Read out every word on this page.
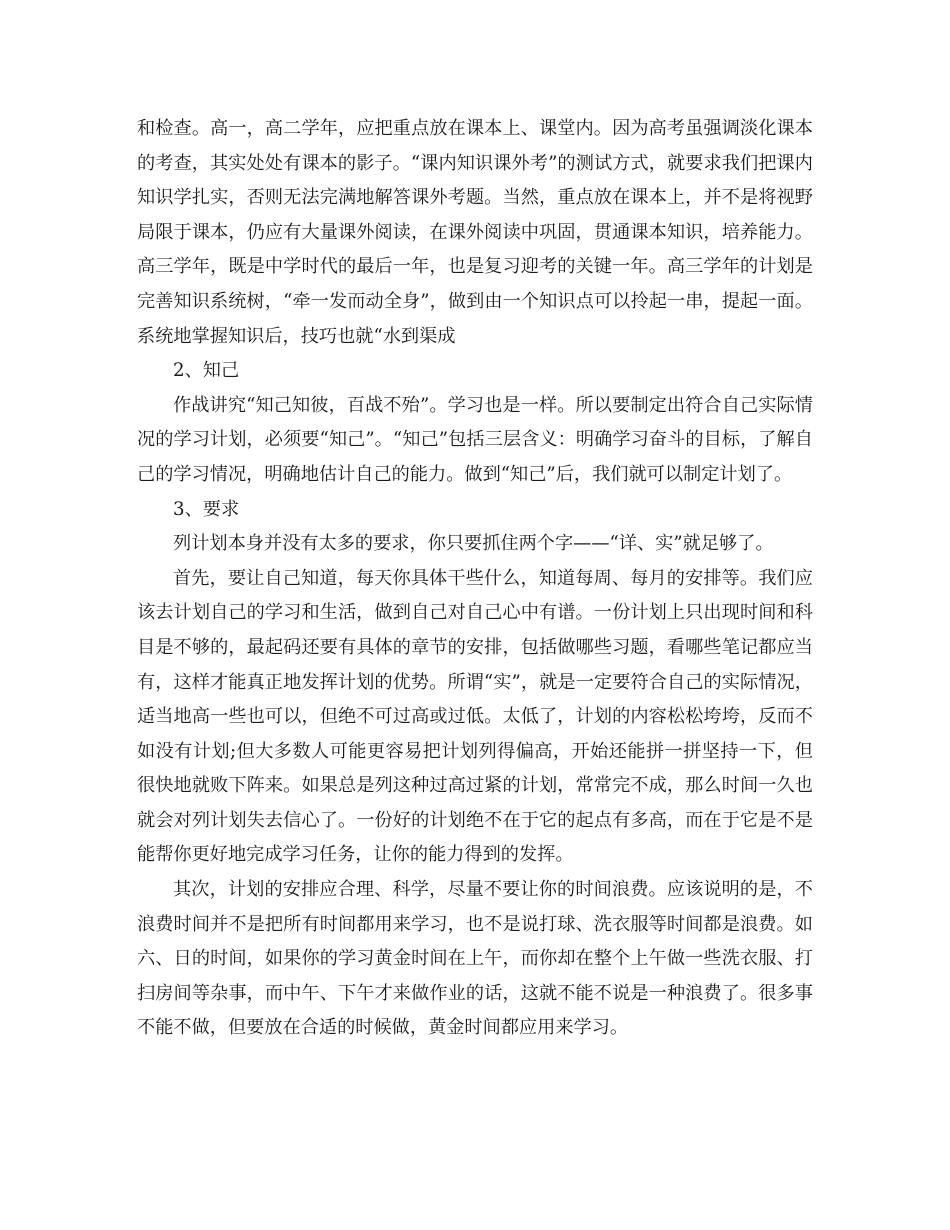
和检查。高一，高二学年，应把重点放在课本上、课堂内。因为高考虽强调淡化课本的考查，其实处处有课本的影子。“课内知识课外考”的测试方式，就要求我们把课内知识学扎实，否则无法完满地解答课外考题。当然，重点放在课本上，并不是将视野局限于课本，仍应有大量课外阅读，在课外阅读中巩固，贯通课本知识，培养能力。高三学年，既是中学时代的最后一年，也是复习迎考的关键一年。高三学年的计划是完善知识系统树，“牵一发而动全身”，做到由一个知识点可以拎起一串，提起一面。系统地掌握知识后，技巧也就“水到渠成

2、知己

作战讲究“知己知彼，百战不殆”。学习也是一样。所以要制定出符合自己实际情况的学习计划，必须要“知己”。“知己”包括三层含义：明确学习奋斗的目标，了解自己的学习情况，明确地估计自己的能力。做到“知己”后，我们就可以制定计划了。

3、要求

列计划本身并没有太多的要求，你只要抓住两个字——“详、实”就足够了。

首先，要让自己知道，每天你具体干些什么，知道每周、每月的安排等。我们应该去计划自己的学习和生活，做到自己对自己心中有谱。一份计划上只出现时间和科目是不够的，最起码还要有具体的章节的安排，包括做哪些习题，看哪些笔记都应当有，这样才能真正地发挥计划的优势。所谓“实”，就是一定要符合自己的实际情况，适当地高一些也可以，但绝不可过高或过低。太低了，计划的内容松松垮垮，反而不如没有计划;但大多数人可能更容易把计划列得偏高，开始还能拼一拼坚持一下，但很快地就败下阵来。如果总是列这种过高过紧的计划，常常完不成，那么时间一久也就会对列计划失去信心了。一份好的计划绝不在于它的起点有多高，而在于它是不是能帮你更好地完成学习任务，让你的能力得到的发挥。

其次，计划的安排应合理、科学，尽量不要让你的时间浪费。应该说明的是，不浪费时间并不是把所有时间都用来学习，也不是说打球、洗衣服等时间都是浪费。如六、日的时间，如果你的学习黄金时间在上午，而你却在整个上午做一些洗衣服、打扫房间等杂事，而中午、下午才来做作业的话，这就不能不说是一种浪费了。很多事不能不做，但要放在合适的时候做，黄金时间都应用来学习。
